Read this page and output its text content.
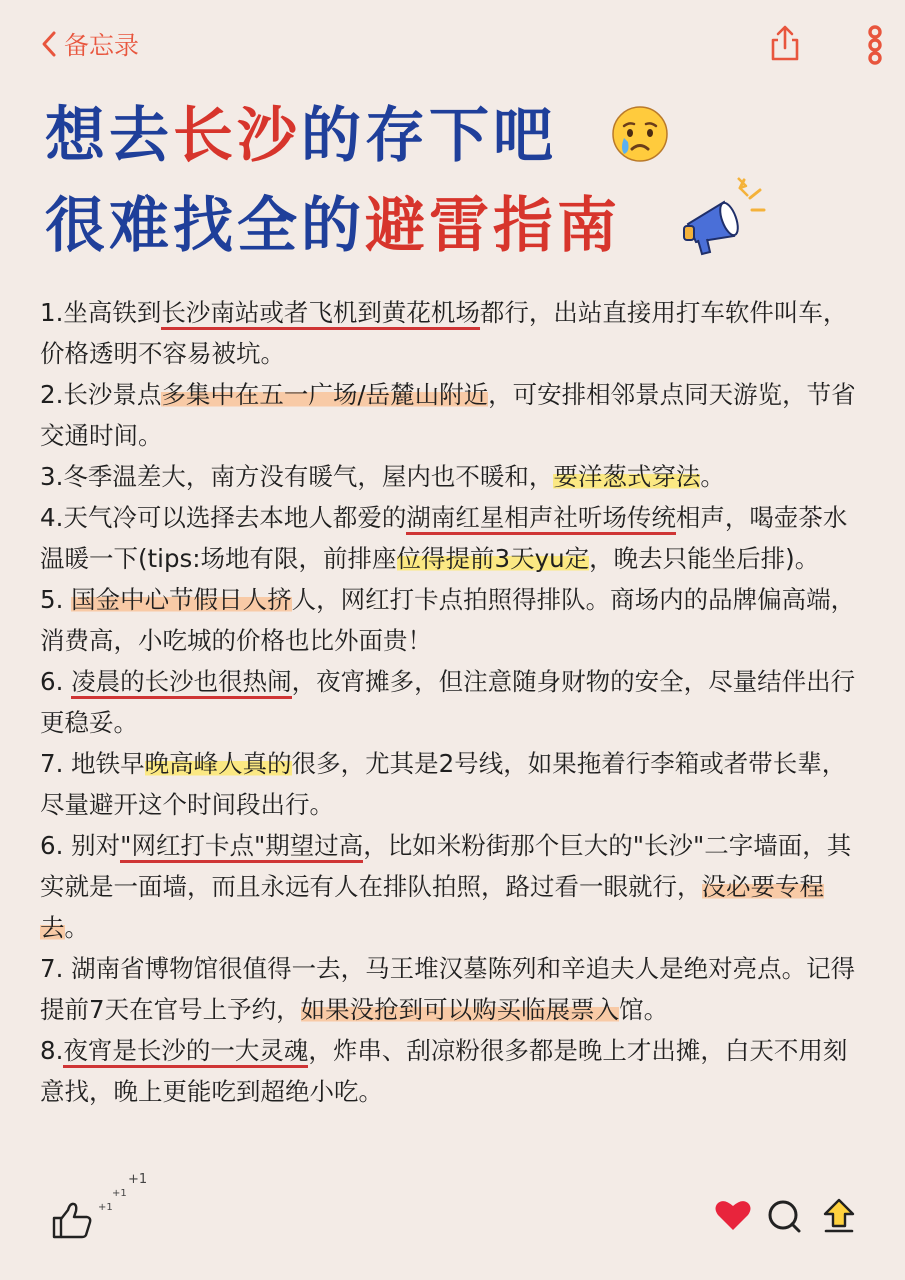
备忘录
想去长沙的存下吧
很难找全的避雷指南

1.坐高铁到长沙南站或者飞机到黄花机场都行，出站直接用打车软件叫车，价格透明不容易被坑。

2.长沙景点多集中在五一广场/岳麓山附近，可安排相邻景点同天游览，节省交通时间。

3.冬季温差大，南方没有暖气，屋内也不暖和，要洋葱式穿法。

4.天气冷可以选择去本地人都爱的湖南红星相声社听场传统相声，喝壶茶水温暖一下(tips:场地有限，前排座位得提前3天yu定，晚去只能坐后排)。

5. 国金中心节假日人挤人，网红打卡点拍照得排队。商场内的品牌偏高端，消费高，小吃城的价格也比外面贵！

6. 凌晨的长沙也很热闹，夜宵摊多，但注意随身财物的安全，尽量结伴出行更稳妥。

7. 地铁早晚高峰人真的很多，尤其是2号线，如果拖着行李箱或者带长辈，尽量避开这个时间段出行。

6. 别对"网红打卡点"期望过高，比如米粉街那个巨大的"长沙"二字墙面，其实就是一面墙，而且永远有人在排队拍照，路过看一眼就行，没必要专程去。

7. 湖南省博物馆很值得一去，马王堆汉墓陈列和辛追夫人是绝对亮点。记得提前7天在官号上予约，如果没抢到可以购买临展票入馆。

8.夜宵是长沙的一大灵魂，炸串、刮凉粉很多都是晚上才出摊，白天不用刻意找，晚上更能吃到超绝小吃。

+1
+1
+1
